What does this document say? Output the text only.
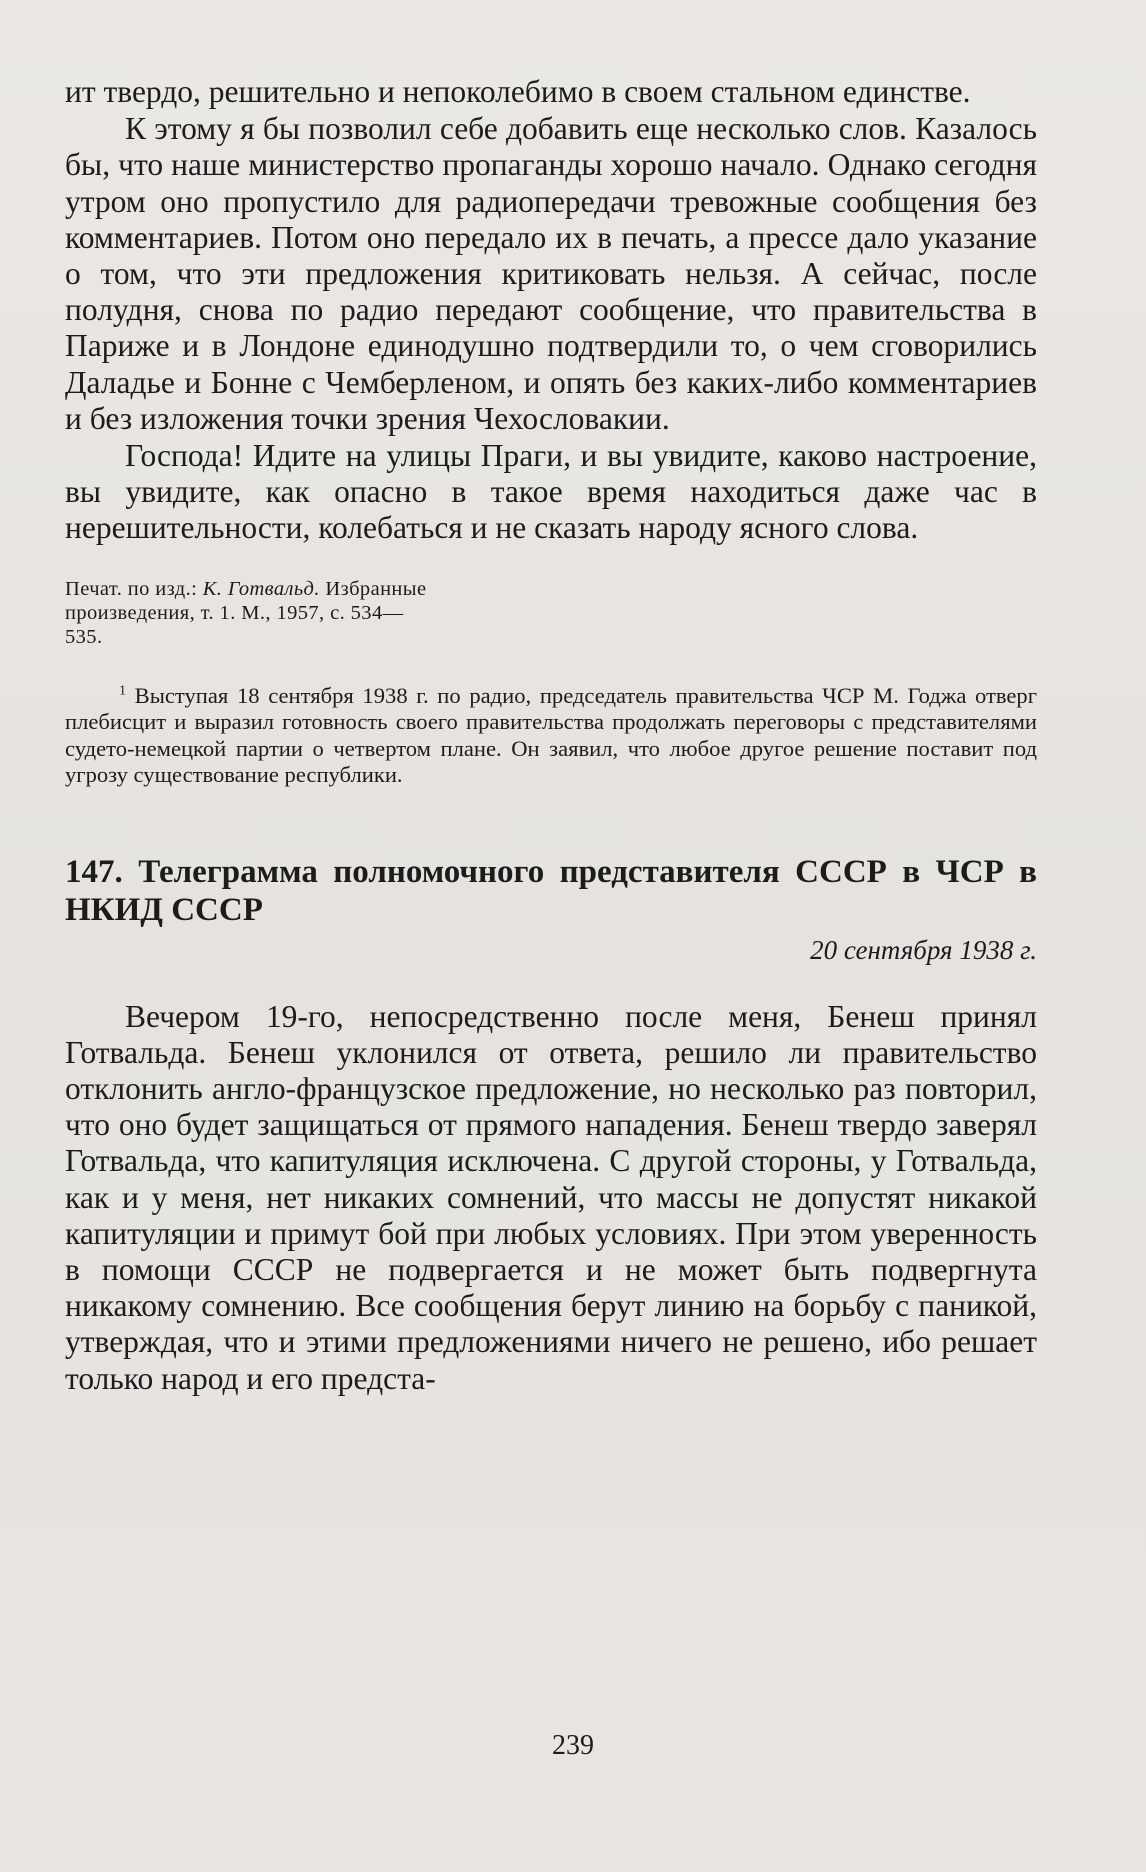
ит твердо, решительно и непоколебимо в своем стальном единстве.

К этому я бы позволил себе добавить еще несколько слов. Казалось бы, что наше министерство пропаганды хорошо начало. Однако сегодня утром оно пропустило для радиопередачи тревожные сообщения без комментариев. Потом оно передало их в печать, а прессе дало указание о том, что эти предложения критиковать нельзя. А сейчас, после полудня, снова по радио передают сообщение, что правительства в Париже и в Лондоне единодушно подтвердили то, о чем сговорились Даладье и Бонне с Чемберленом, и опять без каких-либо комментариев и без изложения точки зрения Чехословакии.

Господа! Идите на улицы Праги, и вы увидите, каково настроение, вы увидите, как опасно в такое время находиться даже час в нерешительности, колебаться и не сказать народу ясного слова.

Печат. по изд.: К. Готвальд. Избранные произведения, т. 1. М., 1957, с. 534—535.
$^1$ Выступая 18 сентября 1938 г. по радио, председатель правительства ЧСР М. Годжа отверг плебисцит и выразил готовность своего правительства продолжать переговоры с представителями судето-немецкой партии о четвертом плане. Он заявил, что любое другое решение поставит под угрозу существование республики.
147. Телеграмма полномочного представителя СССР в ЧСР в НКИД СССР
20 сентября 1938 г.

Вечером 19-го, непосредственно после меня, Бенеш принял Готвальда. Бенеш уклонился от ответа, решило ли правительство отклонить англо-французское предложение, но несколько раз повторил, что оно будет защищаться от прямого нападения. Бенеш твердо заверял Готвальда, что капитуляция исключена. С другой стороны, у Готвальда, как и у меня, нет никаких сомнений, что массы не допустят никакой капитуляции и примут бой при любых условиях. При этом уверенность в помощи СССР не подвергается и не может быть подвергнута никакому сомнению. Все сообщения берут линию на борьбу с паникой, утверждая, что и этими предложениями ничего не решено, ибо решает только народ и его предста-

239
